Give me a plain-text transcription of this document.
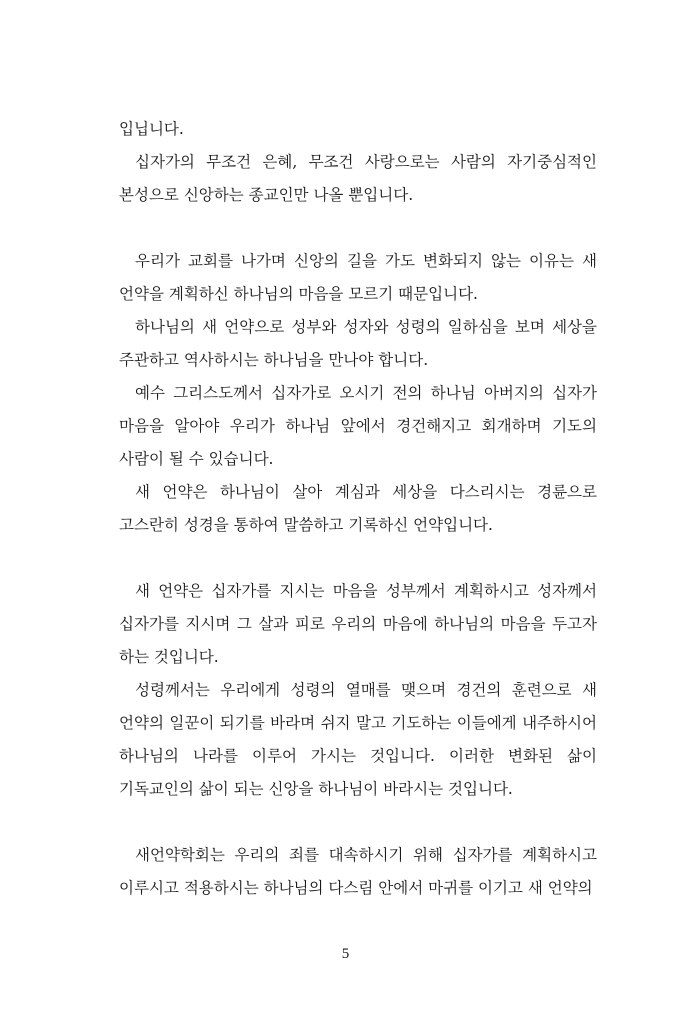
입닙니다.

십자가의 무조건 은혜, 무조건 사랑으로는 사람의 자기중심적인 본성으로 신앙하는 종교인만 나올 뿐입니다.

우리가 교회를 나가며 신앙의 길을 가도 변화되지 않는 이유는 새 언약을 계획하신 하나님의 마음을 모르기 때문입니다.

하나님의 새 언약으로 성부와 성자와 성령의 일하심을 보며 세상을 주관하고 역사하시는 하나님을 만나야 합니다.

예수 그리스도께서 십자가로 오시기 전의 하나님 아버지의 십자가 마음을 알아야 우리가 하나님 앞에서 경건해지고 회개하며 기도의 사람이 될 수 있습니다.

새 언약은 하나님이 살아 계심과 세상을 다스리시는 경륜으로 고스란히 성경을 통하여 말씀하고 기록하신 언약입니다.

새 언약은 십자가를 지시는 마음을 성부께서 계획하시고 성자께서 십자가를 지시며 그 살과 피로 우리의 마음에 하나님의 마음을 두고자 하는 것입니다.

성령께서는 우리에게 성령의 열매를 맺으며 경건의 훈련으로 새 언약의 일꾼이 되기를 바라며 쉬지 말고 기도하는 이들에게 내주하시어 하나님의 나라를 이루어 가시는 것입니다. 이러한 변화된 삶이 기독교인의 삶이 되는 신앙을 하나님이 바라시는 것입니다.

새언약학회는 우리의 죄를 대속하시기 위해 십자가를 계획하시고 이루시고 적용하시는 하나님의 다스림 안에서 마귀를 이기고 새 언약의

5
